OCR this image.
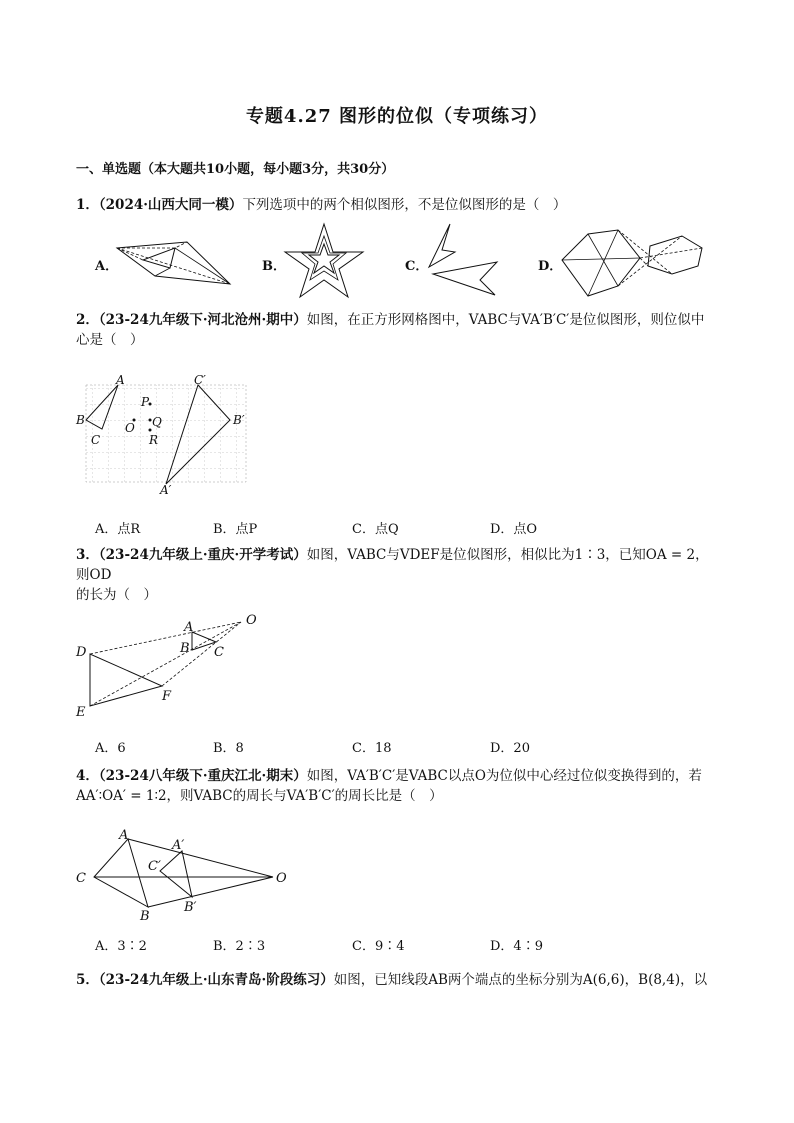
专题4.27 图形的位似（专项练习）
一、单选题（本大题共10小题，每小题3分，共30分）
1．（2024·山西大同一模）下列选项中的两个相似图形，不是位似图形的是（　）
A．	B．	C．	D．
2．（23-24九年级下·河北沧州·期中）如图，在正方形网格图中，VABC与VA′B′C′是位似图形，则位似中
心是（　）
A
B
C
P
O Q
R
C′
B′
A′
A．点R	B．点P	C．点Q	D．点O
3．（23-24九年级上·重庆·开学考试）如图，VABC与VDEF是位似图形，相似比为1∶3，已知OA = 2，则OD
的长为（　）
A
B C
O
D
E
F
A．6	B．8	C．18	D．20
4．（23-24八年级下·重庆江北·期末）如图，VA′B′C′是VABC以点O为位似中心经过位似变换得到的，若
AA′∶OA′ = 1∶2，则VABC的周长与VA′B′C′的周长比是（　）
A
B
C	O
A′
B′
C′
A．3∶2	B．2∶3	C．9∶4	D．4∶9
5．（23-24九年级上·山东青岛·阶段练习）如图，已知线段AB两个端点的坐标分别为A(6,6)，B(8,4)，以
